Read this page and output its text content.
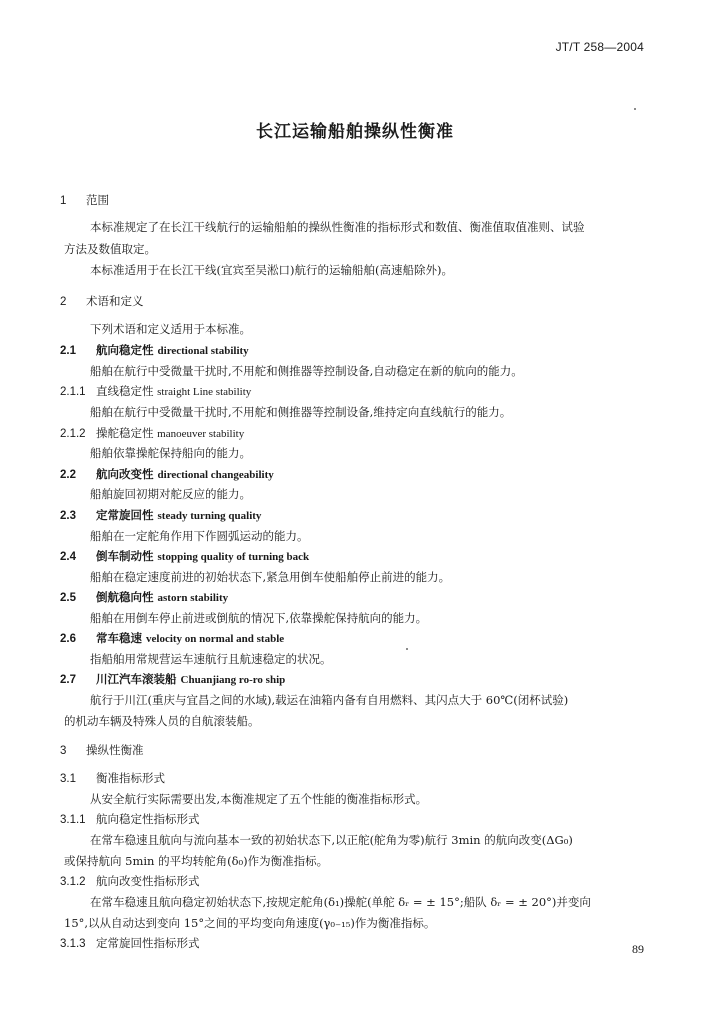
JT/T 258—2004
长江运输船舶操纵性衡准
1 范围
本标准规定了在长江干线航行的运输船舶的操纵性衡准的指标形式和数值、衡准值取值准则、试验
方法及数值取定。
本标准适用于在长江干线(宜宾至吴淞口)航行的运输船舶(高速船除外)。
2 术语和定义
下列术语和定义适用于本标准。
2.1 航向稳定性 directional stability
船舶在航行中受微量干扰时,不用舵和侧推器等控制设备,自动稳定在新的航向的能力。
2.1.1 直线稳定性 straight Line stability
船舶在航行中受微量干扰时,不用舵和侧推器等控制设备,维持定向直线航行的能力。
2.1.2 操舵稳定性 manoeuver stability
船舶依靠操舵保持船向的能力。
2.2 航向改变性 directional changeability
船舶旋回初期对舵反应的能力。
2.3 定常旋回性 steady turning quality
船舶在一定舵角作用下作圆弧运动的能力。
2.4 倒车制动性 stopping quality of turning back
船舶在稳定速度前进的初始状态下,紧急用倒车使船舶停止前进的能力。
2.5 倒航稳向性 astorn stability
船舶在用倒车停止前进或倒航的情况下,依靠操舵保持航向的能力。
2.6 常车稳速 velocity on normal and stable
指船舶用常规营运车速航行且航速稳定的状况。
2.7 川江汽车滚装船 Chuanjiang ro-ro ship
航行于川江(重庆与宜昌之间的水域),载运在油箱内备有自用燃料、其闪点大于 60℃(闭杯试验)
的机动车辆及特殊人员的自航滚装船。
3 操纵性衡准
3.1 衡准指标形式
从安全航行实际需要出发,本衡准规定了五个性能的衡准指标形式。
3.1.1 航向稳定性指标形式
在常车稳速且航向与流向基本一致的初始状态下,以正舵(舵角为零)航行 3min 的航向改变(ΔG₀)
或保持航向 5min 的平均转舵角(δ₀)作为衡准指标。
3.1.2 航向改变性指标形式
在常车稳速且航向稳定初始状态下,按规定舵角(δ₁)操舵(单舵 δᵣ = ± 15°;船队 δᵣ = ± 20°)并变向
15°,以从自动达到变向 15°之间的平均变向角速度(γ₀₋₁₅)作为衡准指标。
3.1.3 定常旋回性指标形式	89
